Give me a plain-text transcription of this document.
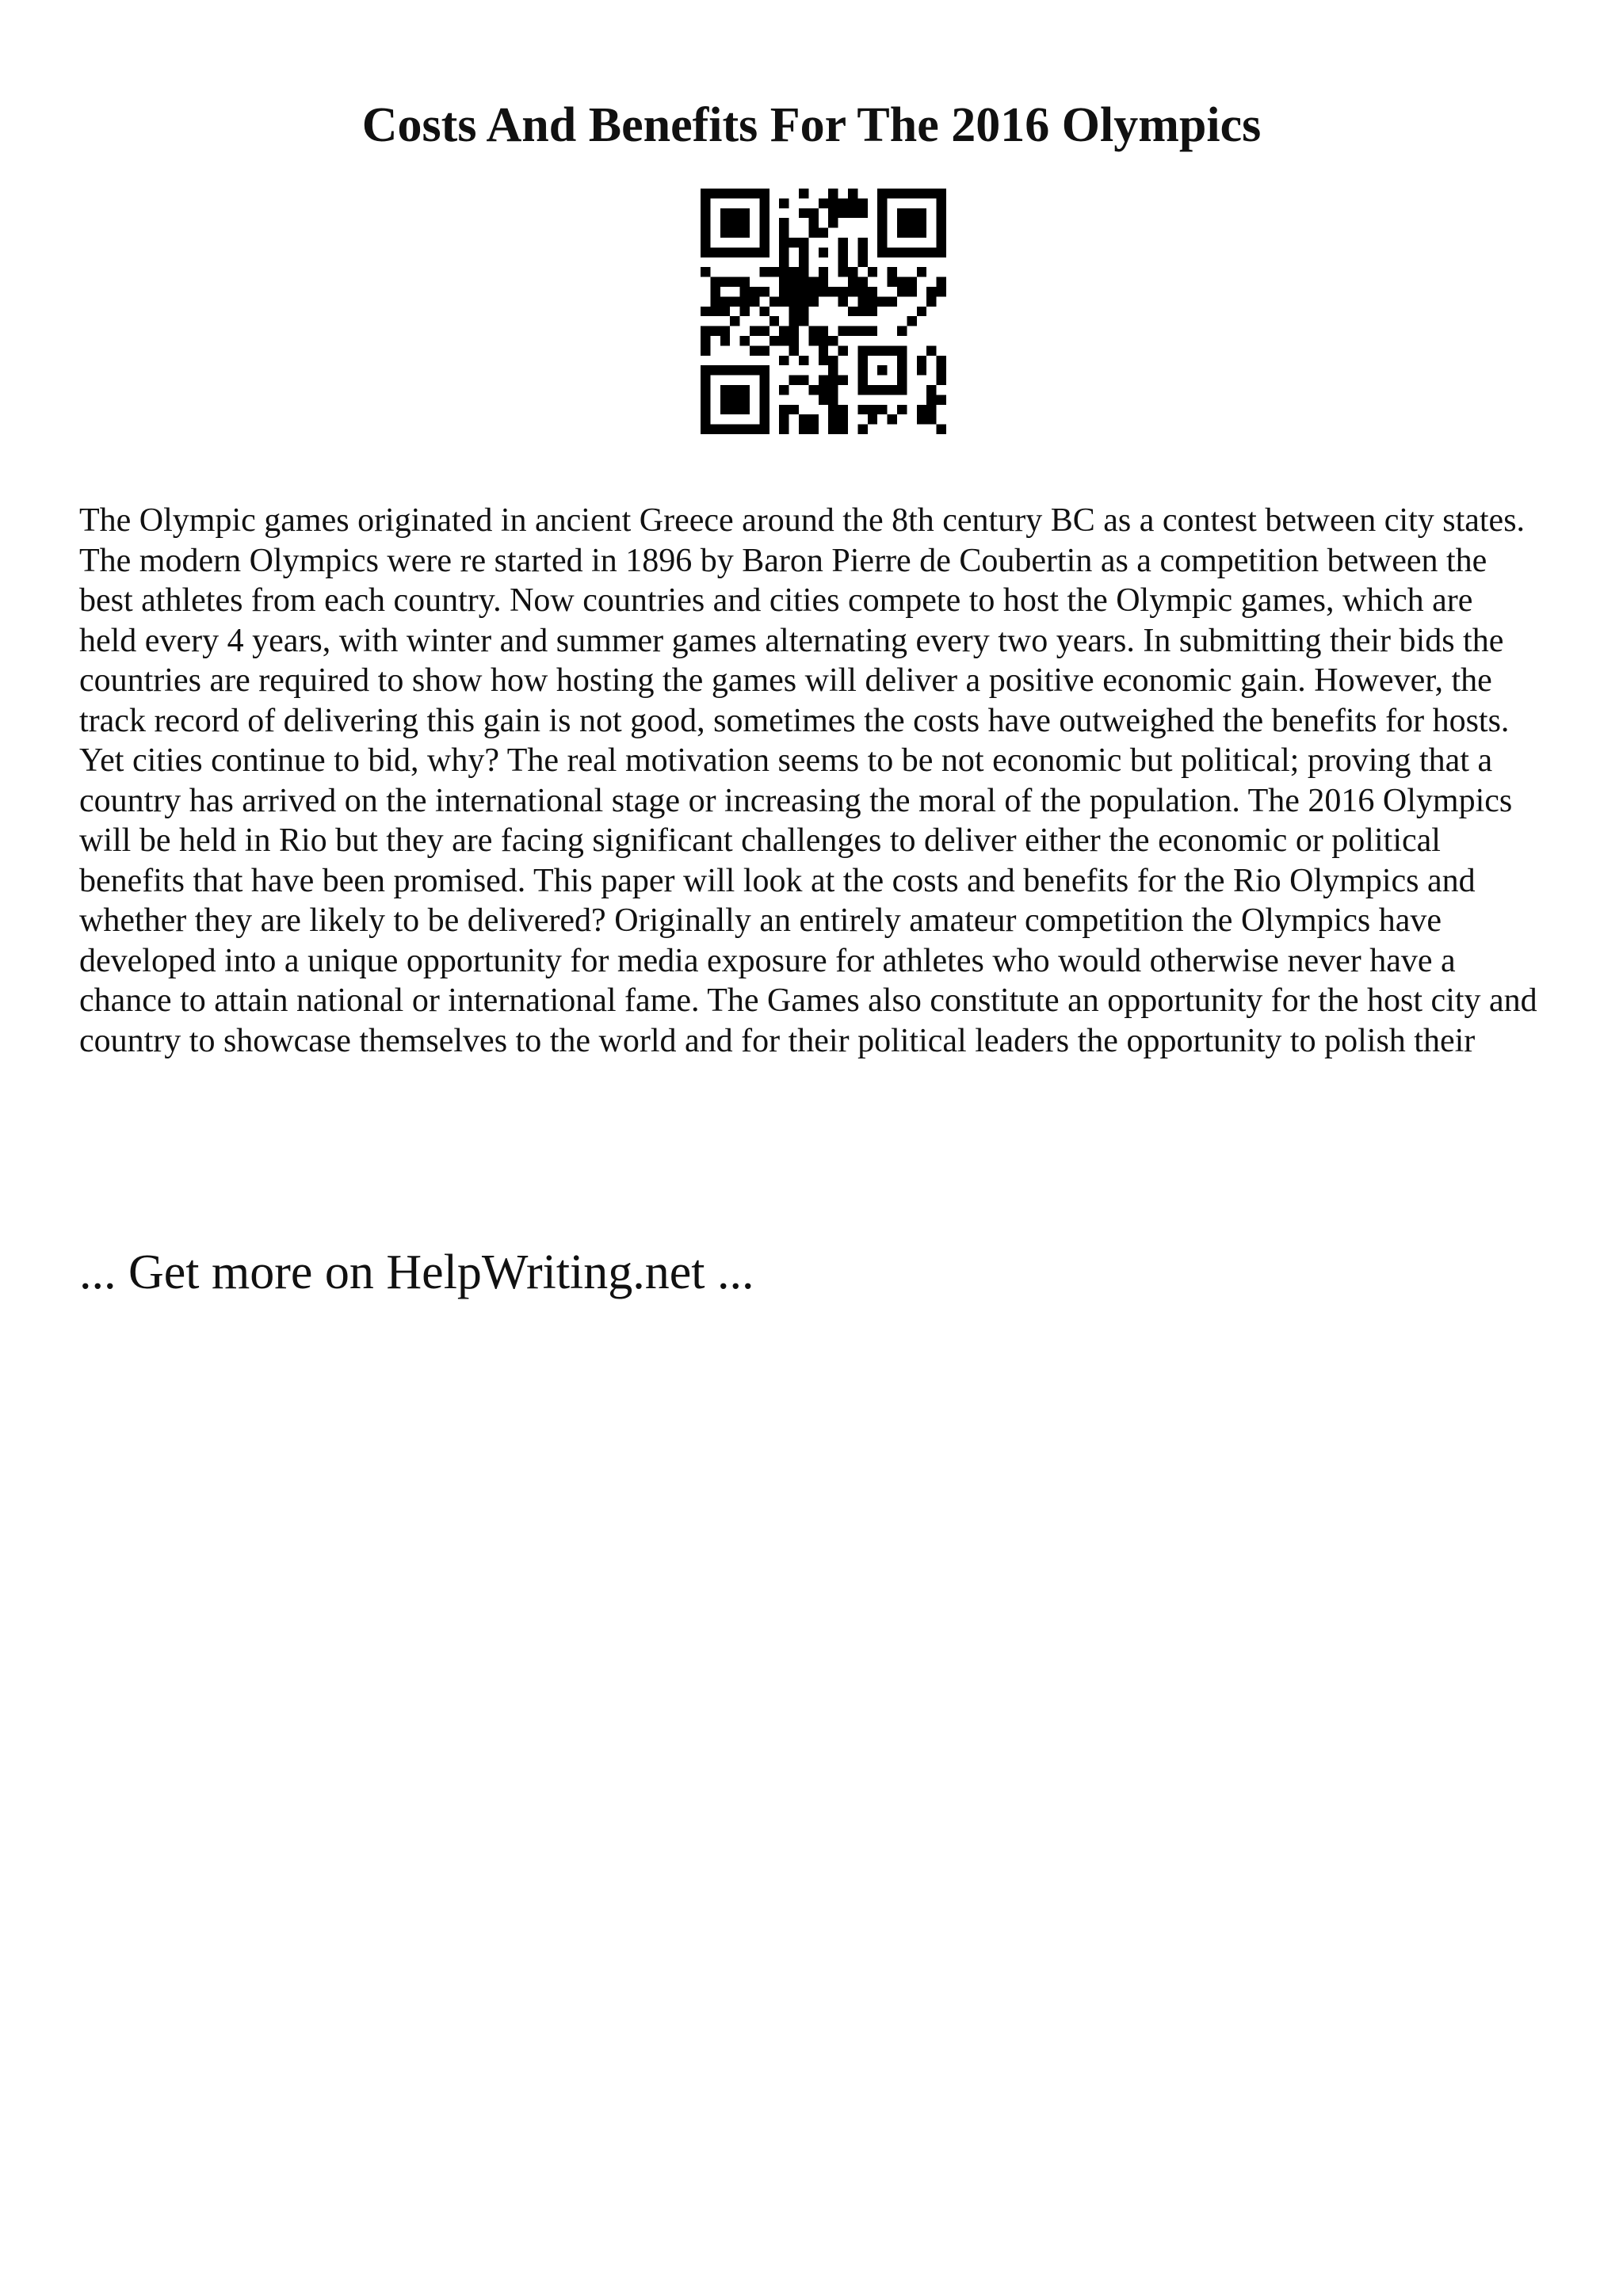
Costs And Benefits For The 2016 Olympics

The Olympic games originated in ancient Greece around the 8th century BC as a contest between city states. The modern Olympics were re started in 1896 by Baron Pierre de Coubertin as a competition between the best athletes from each country. Now countries and cities compete to host the Olympic games, which are held every 4 years, with winter and summer games alternating every two years. In submitting their bids the countries are required to show how hosting the games will deliver a positive economic gain. However, the track record of delivering this gain is not good, sometimes the costs have outweighed the benefits for hosts. Yet cities continue to bid, why? The real motivation seems to be not economic but political; proving that a country has arrived on the international stage or increasing the moral of the population. The 2016 Olympics will be held in Rio but they are facing significant challenges to deliver either the economic or political benefits that have been promised. This paper will look at the costs and benefits for the Rio Olympics and whether they are likely to be delivered? Originally an entirely amateur competition the Olympics have developed into a unique opportunity for media exposure for athletes who would otherwise never have a chance to attain national or international fame. The Games also constitute an opportunity for the host city and country to showcase themselves to the world and for their political leaders the opportunity to polish their

... Get more on HelpWriting.net ...
